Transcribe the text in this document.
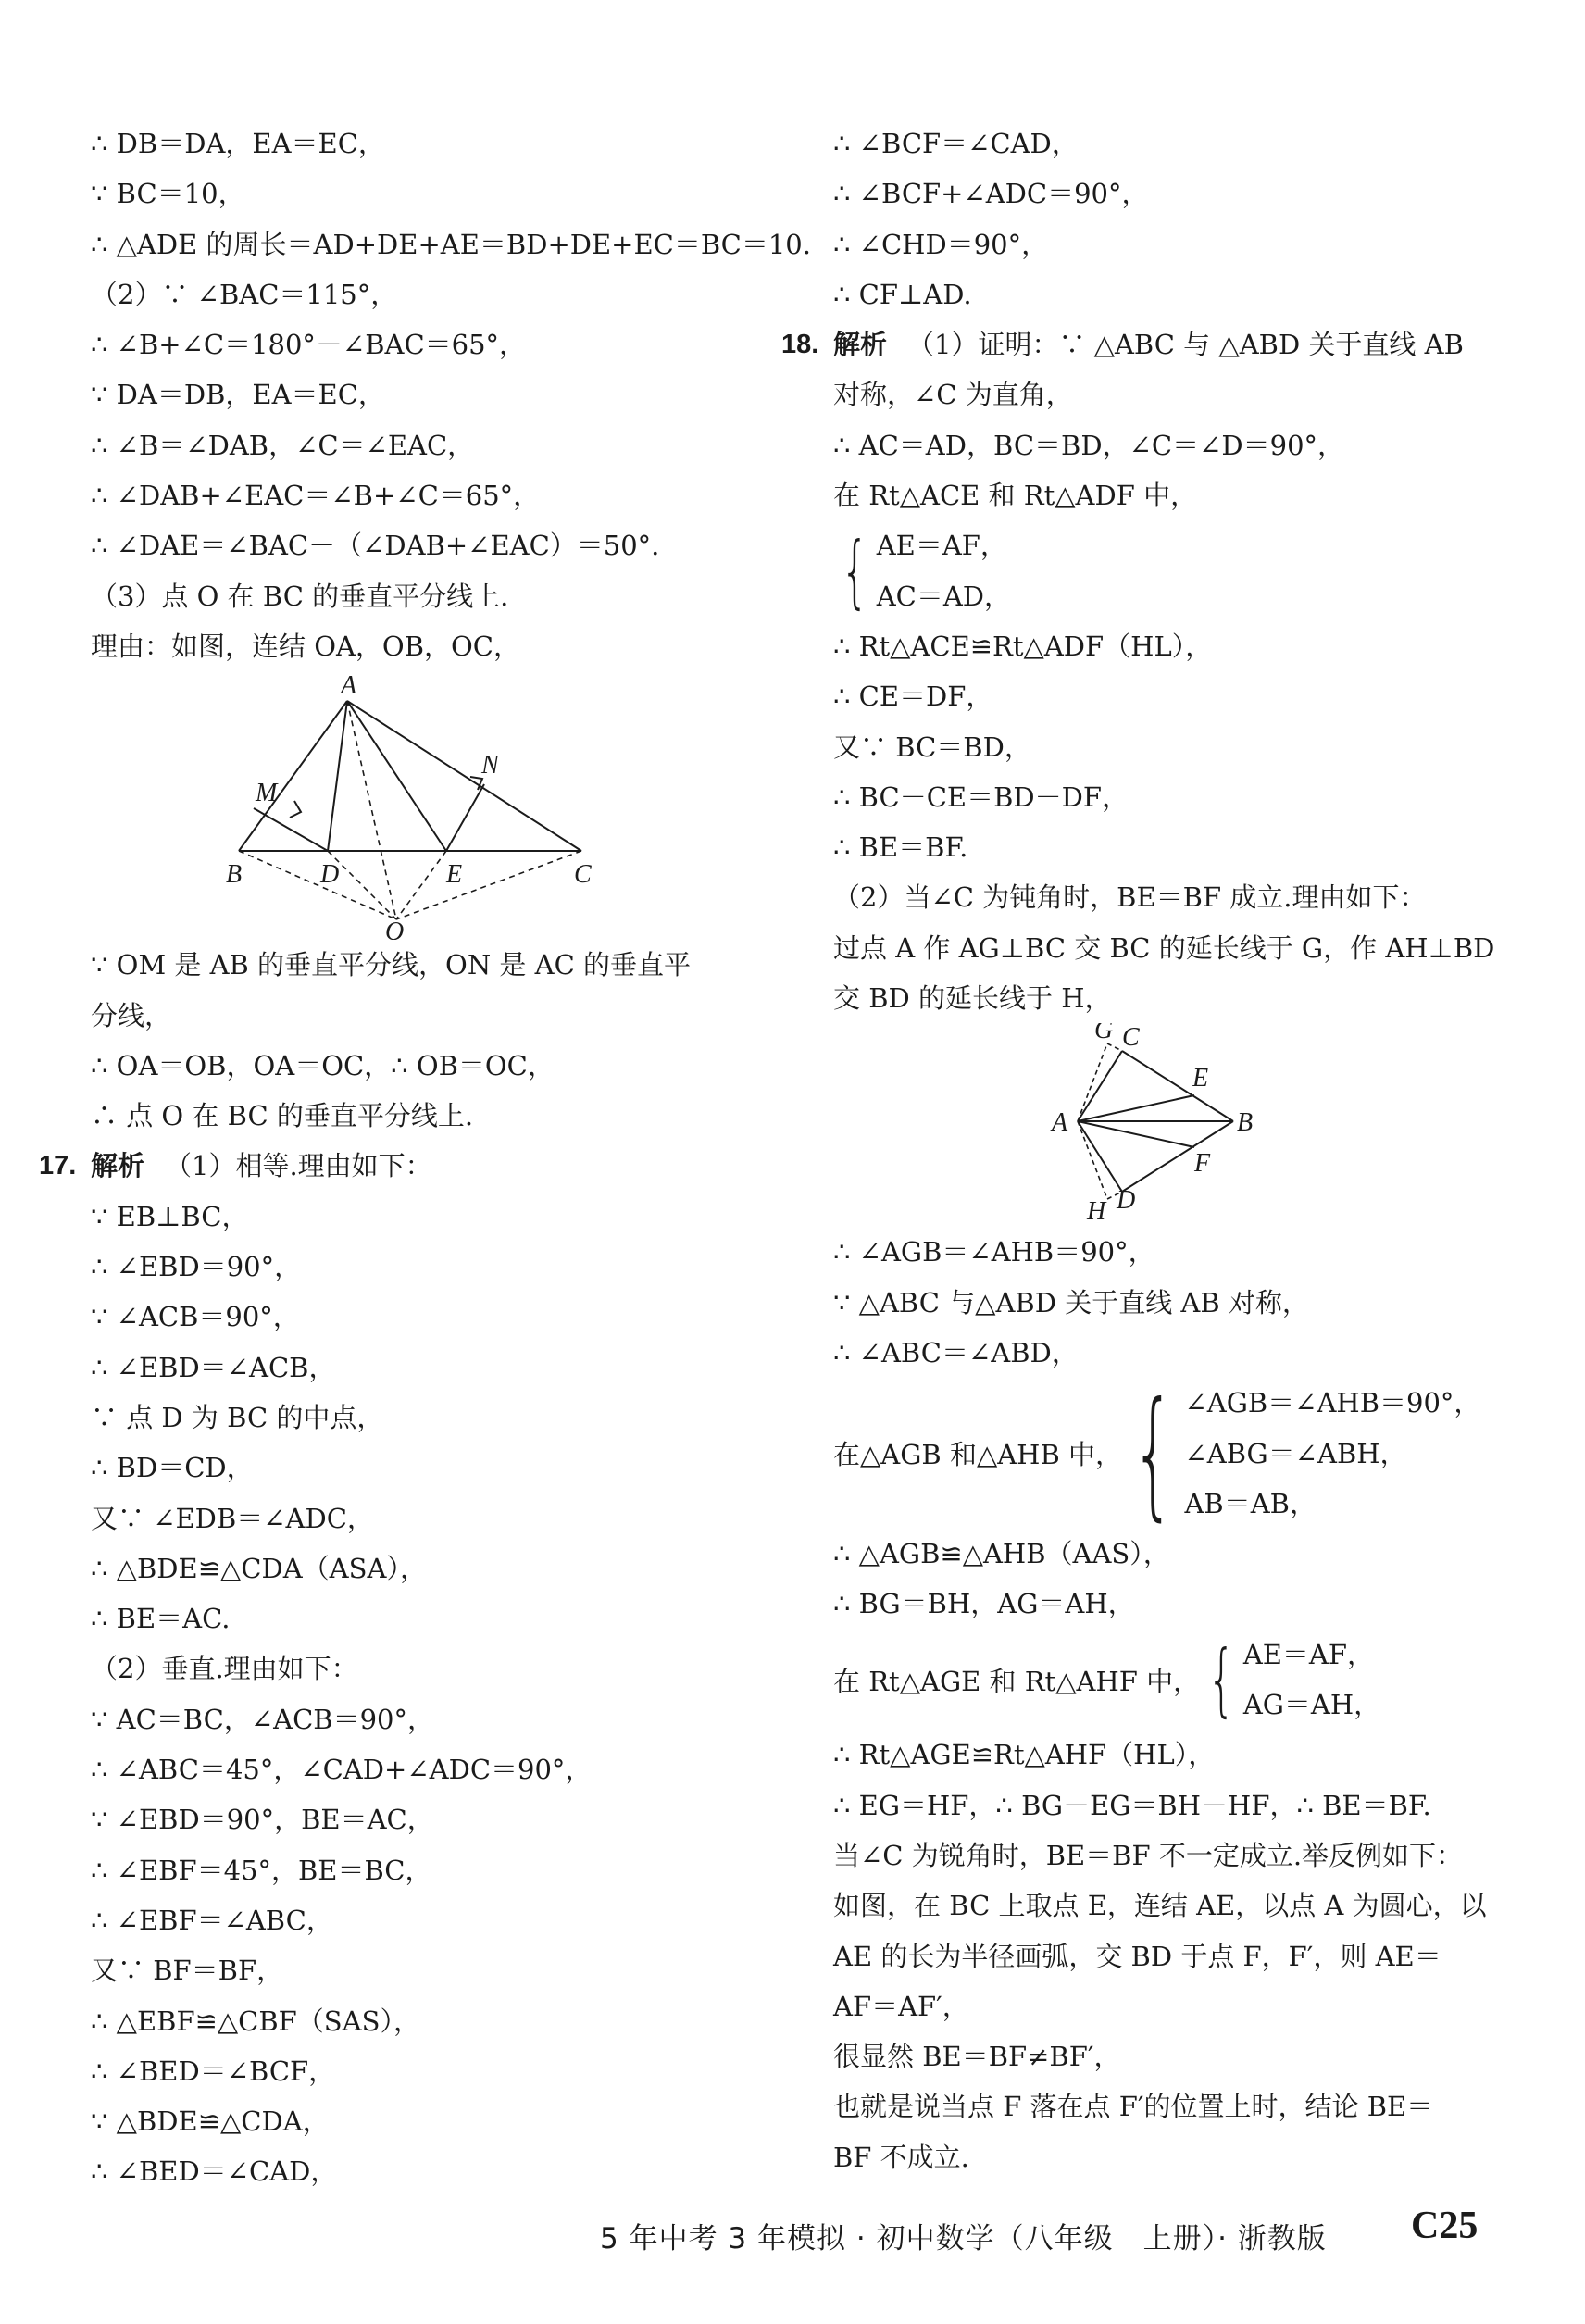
∴ DB＝DA，EA＝EC，
∵ BC＝10，
∴ △ADE 的周长＝AD+DE+AE＝BD+DE+EC＝BC＝10.
（2）∵ ∠BAC＝115°，
∴ ∠B+∠C＝180°－∠BAC＝65°，
∵ DA＝DB，EA＝EC，
∴ ∠B＝∠DAB，∠C＝∠EAC，
∴ ∠DAB+∠EAC＝∠B+∠C＝65°，
∴ ∠DAE＝∠BAC－（∠DAB+∠EAC）＝50°.
（3）点 O 在 BC 的垂直平分线上.
理由：如图，连结 OA，OB，OC，
A
M
N
B	D	E	C
O
∵ OM 是 AB 的垂直平分线，ON 是 AC 的垂直平
分线，
∴ OA＝OB，OA＝OC，∴ OB＝OC，
∴ 点 O 在 BC 的垂直平分线上.
17. 解析 （1）相等.理由如下：
∵ EB⊥BC，
∴ ∠EBD＝90°，
∵ ∠ACB＝90°，
∴ ∠EBD＝∠ACB，
∵ 点 D 为 BC 的中点，
∴ BD＝CD，
又∵ ∠EDB＝∠ADC，
∴ △BDE≌△CDA（ASA），
∴ BE＝AC.
（2）垂直.理由如下：
∵ AC＝BC，∠ACB＝90°，
∴ ∠ABC＝45°，∠CAD+∠ADC＝90°，
∵ ∠EBD＝90°，BE＝AC，
∴ ∠EBF＝45°，BE＝BC，
∴ ∠EBF＝∠ABC，
又∵ BF＝BF，
∴ △EBF≌△CBF（SAS），
∴ ∠BED＝∠BCF，
∵ △BDE≌△CDA，
∴ ∠BED＝∠CAD，
∴ ∠BCF＝∠CAD，
∴ ∠BCF+∠ADC＝90°，
∴ ∠CHD＝90°，
∴ CF⊥AD.
18. 解析 （1）证明：∵ △ABC 与 △ABD 关于直线 AB
对称，∠C 为直角，
∴ AC＝AD，BC＝BD，∠C＝∠D＝90°，
在 Rt△ACE 和 Rt△ADF 中，
{ AE＝AF，
AC＝AD，
∴ Rt△ACE≌Rt△ADF（HL），
∴ CE＝DF，
又∵ BC＝BD，
∴ BC－CE＝BD－DF，
∴ BE＝BF.
（2）当∠C 为钝角时，BE＝BF 成立.理由如下：
过点 A 作 AG⊥BC 交 BC 的延长线于 G，作 AH⊥BD
交 BD 的延长线于 H，
G C
E
A	B
F
H D
∴ ∠AGB＝∠AHB＝90°，
∵ △ABC 与△ABD 关于直线 AB 对称，
∴ ∠ABC＝∠ABD，
在△AGB 和△AHB 中， { ∠AGB＝∠AHB＝90°，
∠ABG＝∠ABH，
AB＝AB，
∴ △AGB≌△AHB（AAS），
∴ BG＝BH，AG＝AH，
在 Rt△AGE 和 Rt△AHF 中， { AE＝AF，
AG＝AH，
∴ Rt△AGE≌Rt△AHF（HL），
∴ EG＝HF，∴ BG－EG＝BH－HF，∴ BE＝BF.
当∠C 为锐角时，BE＝BF 不一定成立.举反例如下：
如图，在 BC 上取点 E，连结 AE，以点 A 为圆心，以
AE 的长为半径画弧，交 BD 于点 F，F′，则 AE＝
AF＝AF′，
很显然 BE＝BF≠BF′，
也就是说当点 F 落在点 F′的位置上时，结论 BE＝
BF 不成立.
5 年中考 3 年模拟 · 初中数学（八年级　上册）· 浙教版 C25
